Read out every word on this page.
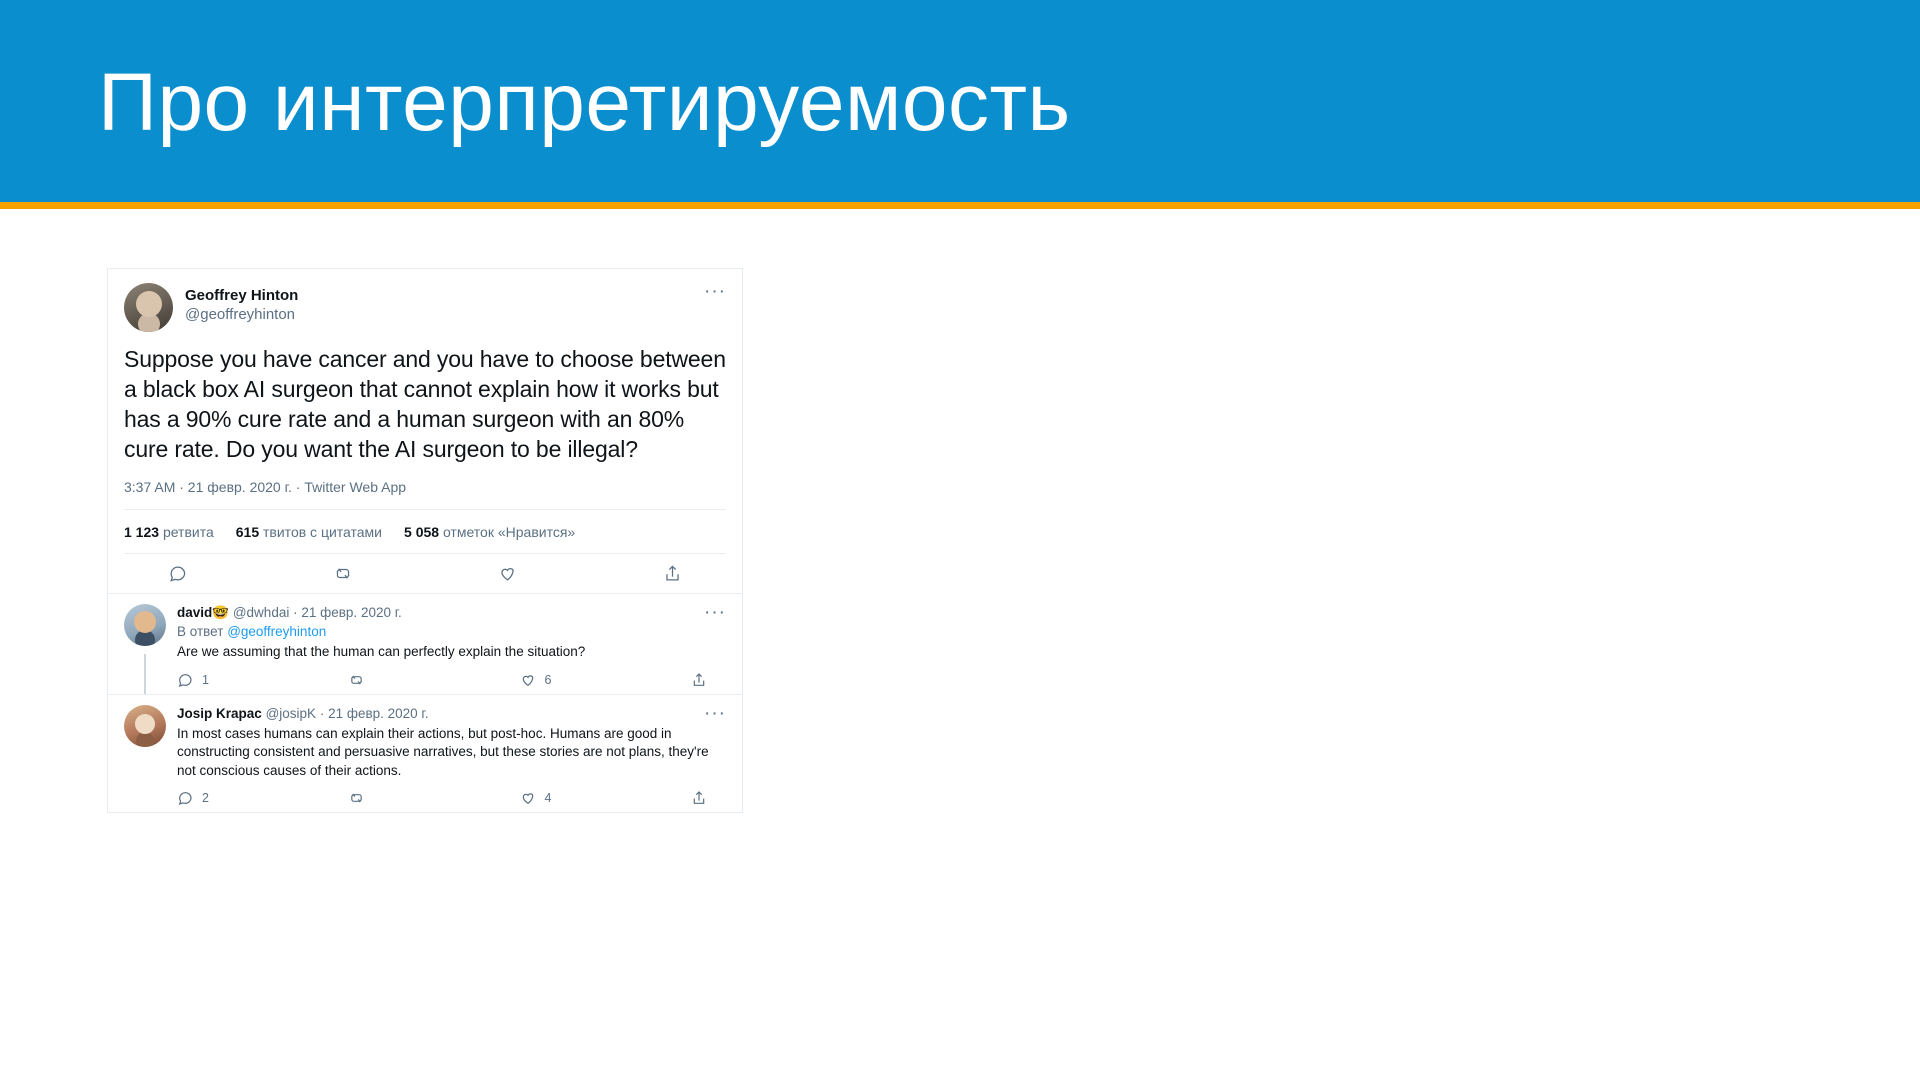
Про интерпретируемость
Geoffrey Hinton
@geoffreyhinton
···
Suppose you have cancer and you have to choose between a black box AI surgeon that cannot explain how it works but has a 90% cure rate and a human surgeon with an 80% cure rate. Do you want the AI surgeon to be illegal?
3:37 AM · 21 февр. 2020 г. · Twitter Web App
1 123 ретвита 615 твитов с цитатами 5 058 отметок «Нравится»
david🤓 @dwhdai · 21 февр. 2020 г.	···
В ответ @geoffreyhinton
Are we assuming that the human can perfectly explain the situation?
1	6
Josip Krapac @josipK · 21 февр. 2020 г.	···
In most cases humans can explain their actions, but post-hoc. Humans are good in constructing consistent and persuasive narratives, but these stories are not plans, they're not conscious causes of their actions.
2	4
